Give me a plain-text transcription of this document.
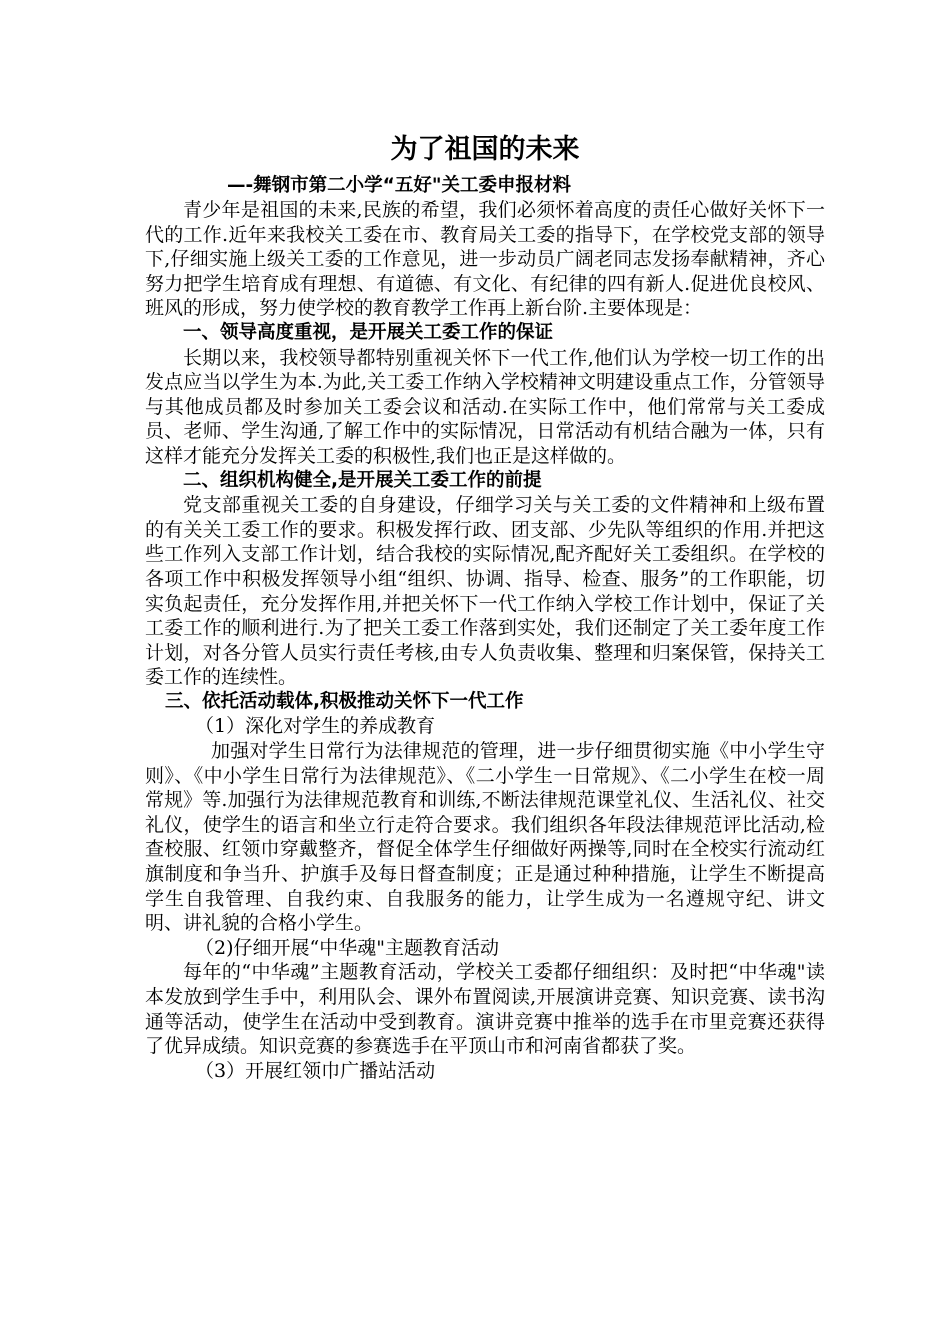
为了祖国的未来
—-舞钢市第二小学“五好"关工委申报材料

青少年是祖国的未来,民族的希望，我们必须怀着高度的责任心做好关怀下一代的工作.近年来我校关工委在市、教育局关工委的指导下，在学校党支部的领导下,仔细实施上级关工委的工作意见，进一步动员广阔老同志发扬奉献精神，齐心努力把学生培育成有理想、有道德、有文化、有纪律的四有新人.促进优良校风、班风的形成，努力使学校的教育教学工作再上新台阶.主要体现是：

一、领导高度重视，是开展关工委工作的保证

长期以来，我校领导都特别重视关怀下一代工作,他们认为学校一切工作的出发点应当以学生为本.为此,关工委工作纳入学校精神文明建设重点工作，分管领导与其他成员都及时参加关工委会议和活动.在实际工作中，他们常常与关工委成员、老师、学生沟通,了解工作中的实际情况，日常活动有机结合融为一体，只有这样才能充分发挥关工委的积极性,我们也正是这样做的。

二、组织机构健全,是开展关工委工作的前提

党支部重视关工委的自身建设，仔细学习关与关工委的文件精神和上级布置的有关关工委工作的要求。积极发挥行政、团支部、少先队等组织的作用.并把这些工作列入支部工作计划，结合我校的实际情况,配齐配好关工委组织。在学校的各项工作中积极发挥领导小组“组织、协调、指导、检查、服务”的工作职能，切实负起责任，充分发挥作用,并把关怀下一代工作纳入学校工作计划中，保证了关工委工作的顺利进行.为了把关工委工作落到实处，我们还制定了关工委年度工作计划，对各分管人员实行责任考核,由专人负责收集、整理和归案保管，保持关工委工作的连续性。

三、依托活动载体,积极推动关怀下一代工作

（1）深化对学生的养成教育

加强对学生日常行为法律规范的管理，进一步仔细贯彻实施《中小学生守则》、《中小学生日常行为法律规范》、《二小学生一日常规》、《二小学生在校一周常规》等.加强行为法律规范教育和训练,不断法律规范课堂礼仪、生活礼仪、社交礼仪，使学生的语言和坐立行走符合要求。我们组织各年段法律规范评比活动,检查校服、红领巾穿戴整齐，督促全体学生仔细做好两操等,同时在全校实行流动红旗制度和争当升、护旗手及每日督查制度；正是通过种种措施，让学生不断提高学生自我管理、自我约束、自我服务的能力，让学生成为一名遵规守纪、讲文明、讲礼貌的合格小学生。

（2)仔细开展“中华魂"主题教育活动

每年的“中华魂”主题教育活动，学校关工委都仔细组织：及时把“中华魂"读本发放到学生手中，利用队会、课外布置阅读,开展演讲竞赛、知识竞赛、读书沟通等活动，使学生在活动中受到教育。演讲竞赛中推举的选手在市里竞赛还获得了优异成绩。知识竞赛的参赛选手在平顶山市和河南省都获了奖。

（3）开展红领巾广播站活动
